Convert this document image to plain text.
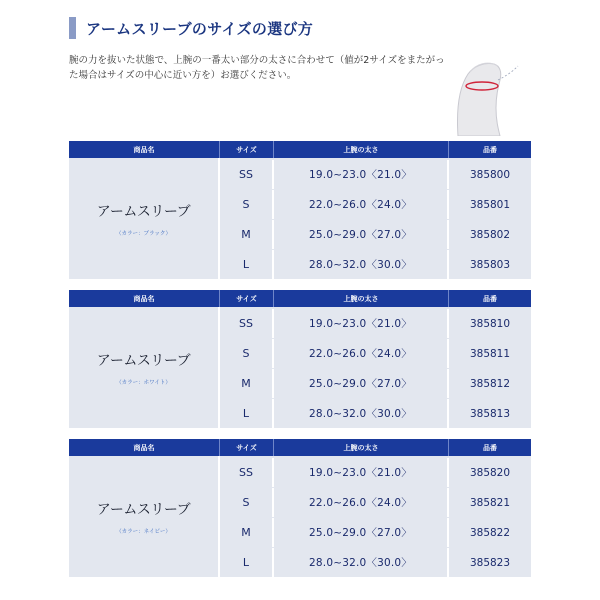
アームスリーブのサイズの選び方
腕の力を抜いた状態で、上腕の一番太い部分の太さに合わせて（値が2サイズをまたがった場合はサイズの中心に近い方を）お選びください。
商品名	サイズ	上腕の太さ	品番
アームスリーブ
（カラー：ブラック）
SS	19.0~23.0〈21.0〉	385800
S	22.0~26.0〈24.0〉	385801
M	25.0~29.0〈27.0〉	385802
L	28.0~32.0〈30.0〉	385803
商品名	サイズ	上腕の太さ	品番
アームスリーブ
（カラー：ホワイト）
SS	19.0~23.0〈21.0〉	385810
S	22.0~26.0〈24.0〉	385811
M	25.0~29.0〈27.0〉	385812
L	28.0~32.0〈30.0〉	385813
商品名	サイズ	上腕の太さ	品番
アームスリーブ
（カラー：ネイビー）
SS	19.0~23.0〈21.0〉	385820
S	22.0~26.0〈24.0〉	385821
M	25.0~29.0〈27.0〉	385822
L	28.0~32.0〈30.0〉	385823
